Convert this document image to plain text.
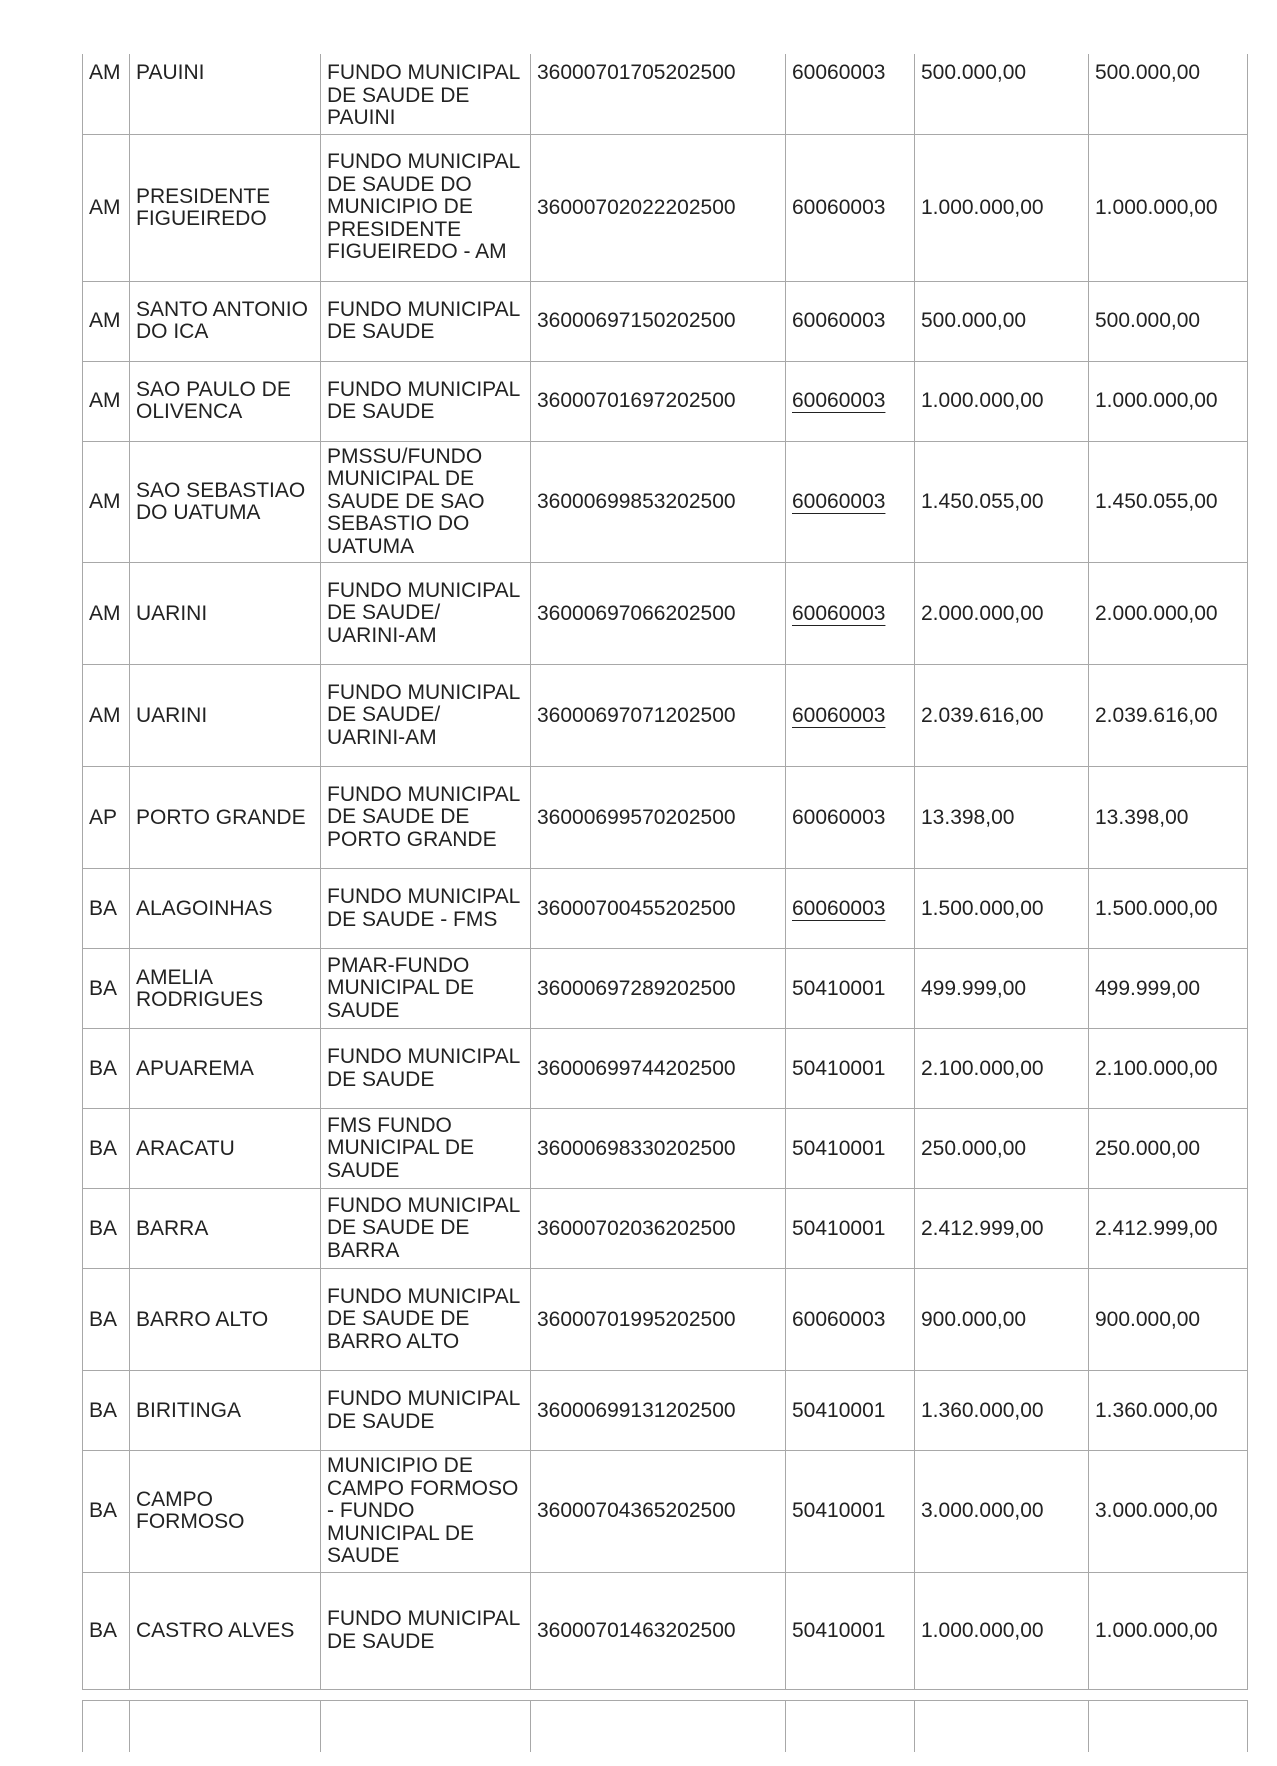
AM	PAUINI	FUNDO MUNICIPAL DE SAUDE DE PAUINI	36000701705202500	60060003	500.000,00	500.000,00
AM	PRESIDENTE FIGUEIREDO	FUNDO MUNICIPAL DE SAUDE DO MUNICIPIO DE PRESIDENTE FIGUEIREDO - AM	36000702022202500	60060003	1.000.000,00	1.000.000,00
AM	SANTO ANTONIO DO ICA	FUNDO MUNICIPAL DE SAUDE	36000697150202500	60060003	500.000,00	500.000,00
AM	SAO PAULO DE OLIVENCA	FUNDO MUNICIPAL DE SAUDE	36000701697202500	60060003	1.000.000,00	1.000.000,00
AM	SAO SEBASTIAO DO UATUMA	PMSSU/FUNDO MUNICIPAL DE SAUDE DE SAO SEBASTIO DO UATUMA	36000699853202500	60060003	1.450.055,00	1.450.055,00
AM	UARINI	FUNDO MUNICIPAL DE SAUDE/ UARINI-AM	36000697066202500	60060003	2.000.000,00	2.000.000,00
AM	UARINI	FUNDO MUNICIPAL DE SAUDE/ UARINI-AM	36000697071202500	60060003	2.039.616,00	2.039.616,00
AP	PORTO GRANDE	FUNDO MUNICIPAL DE SAUDE DE PORTO GRANDE	36000699570202500	60060003	13.398,00	13.398,00
BA	ALAGOINHAS	FUNDO MUNICIPAL DE SAUDE - FMS	36000700455202500	60060003	1.500.000,00	1.500.000,00
BA	AMELIA RODRIGUES	PMAR-FUNDO MUNICIPAL DE SAUDE	36000697289202500	50410001	499.999,00	499.999,00
BA	APUAREMA	FUNDO MUNICIPAL DE SAUDE	36000699744202500	50410001	2.100.000,00	2.100.000,00
BA	ARACATU	FMS FUNDO MUNICIPAL DE SAUDE	36000698330202500	50410001	250.000,00	250.000,00
BA	BARRA	FUNDO MUNICIPAL DE SAUDE DE BARRA	36000702036202500	50410001	2.412.999,00	2.412.999,00
BA	BARRO ALTO	FUNDO MUNICIPAL DE SAUDE DE BARRO ALTO	36000701995202500	60060003	900.000,00	900.000,00
BA	BIRITINGA	FUNDO MUNICIPAL DE SAUDE	36000699131202500	50410001	1.360.000,00	1.360.000,00
BA	CAMPO FORMOSO	MUNICIPIO DE CAMPO FORMOSO - FUNDO MUNICIPAL DE SAUDE	36000704365202500	50410001	3.000.000,00	3.000.000,00
BA	CASTRO ALVES	FUNDO MUNICIPAL DE SAUDE	36000701463202500	50410001	1.000.000,00	1.000.000,00
